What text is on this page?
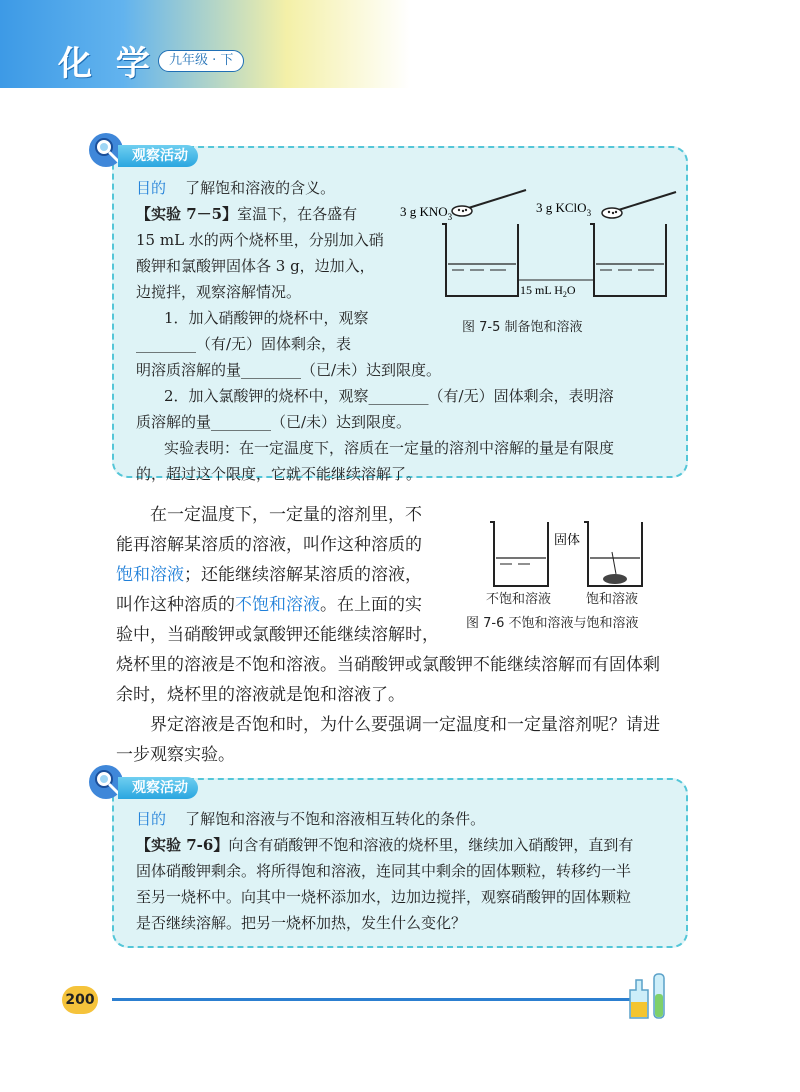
化 学	九年级 · 下
观察活动
目的 了解饱和溶液的含义。
【实验 7－5】室温下，在各盛有
15 mL 水的两个烧杯里，分别加入硝
酸钾和氯酸钾固体各 3 g，边加入，
边搅拌，观察溶解情况。
1．加入硝酸钾的烧杯中，观察
________（有/无）固体剩余，表
明溶质溶解的量________（已/未）达到限度。
2．加入氯酸钾的烧杯中，观察________（有/无）固体剩余，表明溶
质溶解的量________（已/未）达到限度。
实验表明：在一定温度下，溶质在一定量的溶剂中溶解的量是有限度
的，超过这个限度，它就不能继续溶解了。
3 g $KNO_3$
3 g KClO$_3$
15 mL $H_2O$
图 7-5 制备饱和溶液
在一定温度下，一定量的溶剂里，不
能再溶解某溶质的溶液，叫作这种溶质的
饱和溶液；还能继续溶解某溶质的溶液，
叫作这种溶质的不饱和溶液。在上面的实
验中，当硝酸钾或氯酸钾还能继续溶解时，
烧杯里的溶液是不饱和溶液。当硝酸钾或氯酸钾不能继续溶解而有固体剩
余时，烧杯里的溶液就是饱和溶液了。
界定溶液是否饱和时，为什么要强调一定温度和一定量溶剂呢？请进
一步观察实验。
固体
不饱和溶液	饱和溶液
图 7-6 不饱和溶液与饱和溶液
观察活动
目的 了解饱和溶液与不饱和溶液相互转化的条件。
【实验 7-6】向含有硝酸钾不饱和溶液的烧杯里，继续加入硝酸钾，直到有
固体硝酸钾剩余。将所得饱和溶液，连同其中剩余的固体颗粒，转移约一半
至另一烧杯中。向其中一烧杯添加水，边加边搅拌，观察硝酸钾的固体颗粒
是否继续溶解。把另一烧杯加热，发生什么变化？
200
